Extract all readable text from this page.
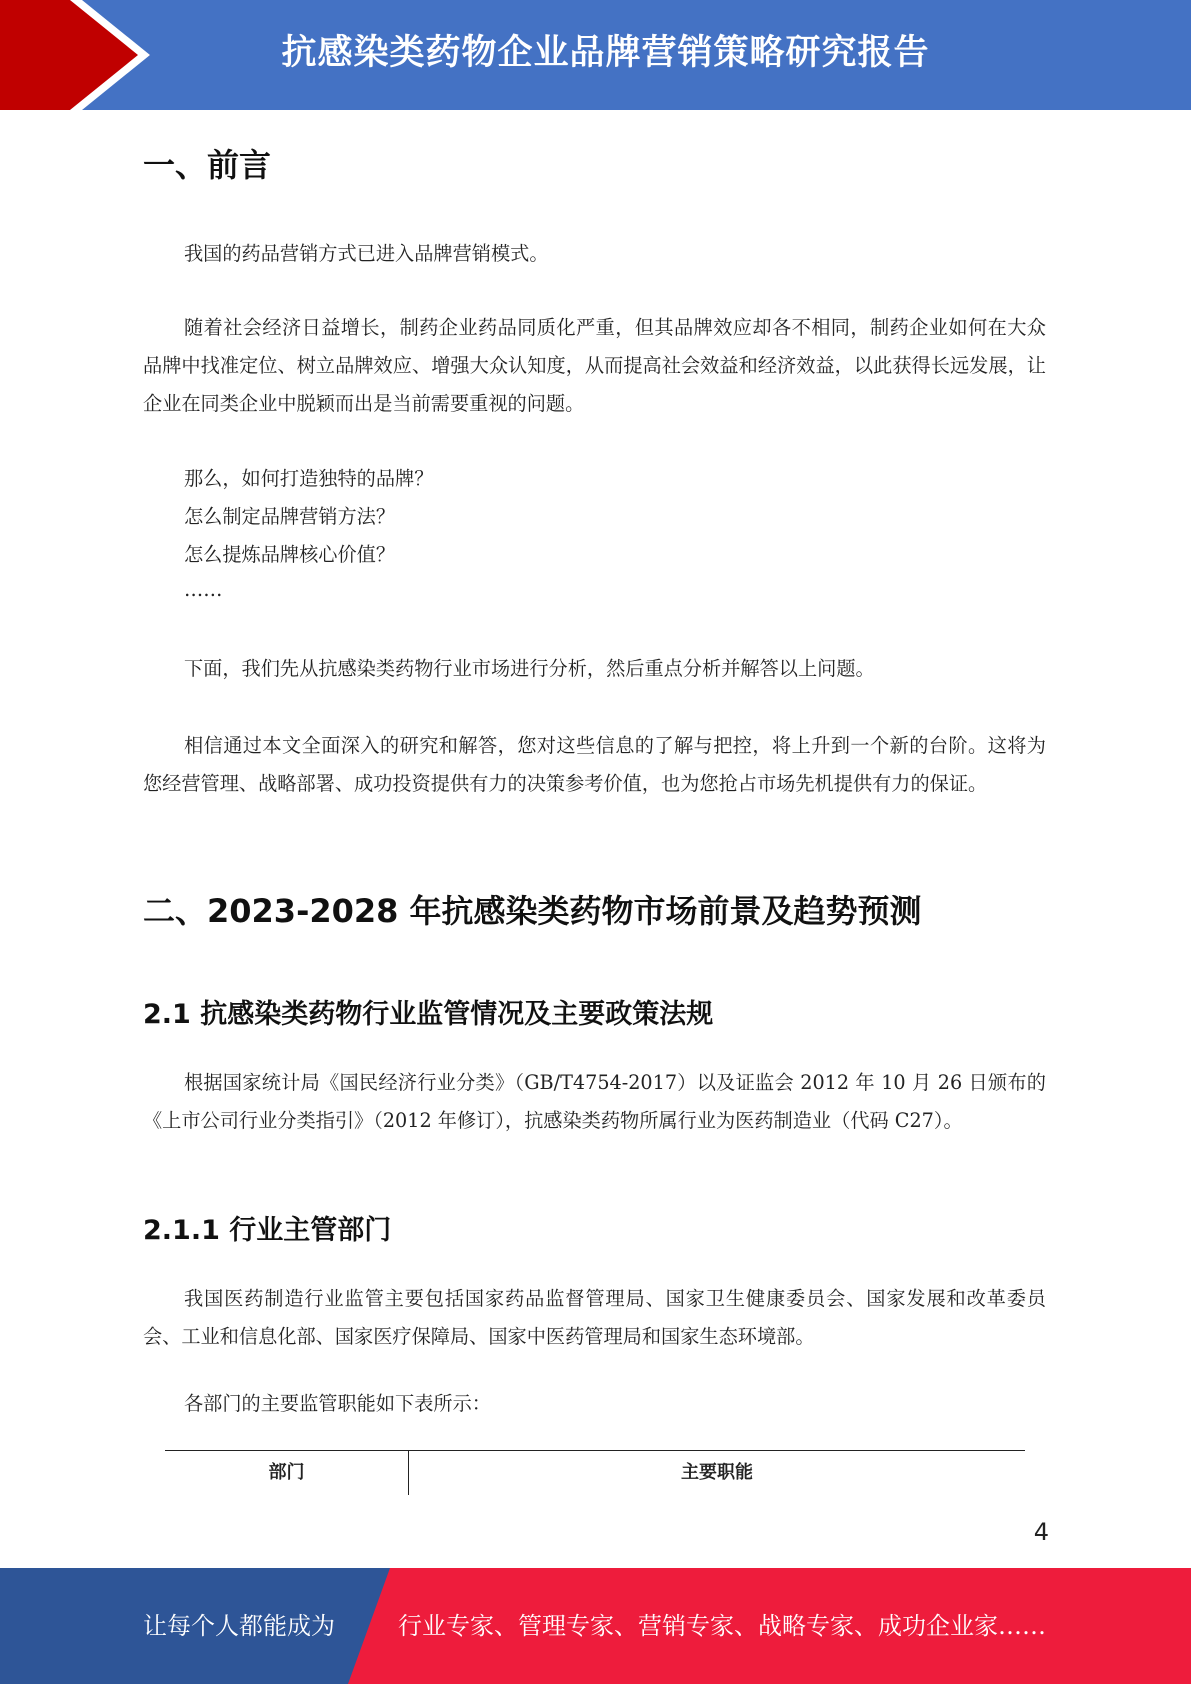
抗感染类药物企业品牌营销策略研究报告
一、前言
我国的药品营销方式已进入品牌营销模式。
随着社会经济日益增长，制药企业药品同质化严重，但其品牌效应却各不相同，制药企业如何在大众品牌中找准定位、树立品牌效应、增强大众认知度，从而提高社会效益和经济效益，以此获得长远发展，让企业在同类企业中脱颖而出是当前需要重视的问题。
那么，如何打造独特的品牌？
怎么制定品牌营销方法？
怎么提炼品牌核心价值？
……
下面，我们先从抗感染类药物行业市场进行分析，然后重点分析并解答以上问题。
相信通过本文全面深入的研究和解答，您对这些信息的了解与把控，将上升到一个新的台阶。这将为您经营管理、战略部署、成功投资提供有力的决策参考价值，也为您抢占市场先机提供有力的保证。
二、2023-2028 年抗感染类药物市场前景及趋势预测
2.1 抗感染类药物行业监管情况及主要政策法规
根据国家统计局《国民经济行业分类》（GB/T4754-2017）以及证监会 2012 年 10 月 26 日颁布的《上市公司行业分类指引》（2012 年修订），抗感染类药物所属行业为医药制造业（代码 C27）。
2.1.1 行业主管部门
我国医药制造行业监管主要包括国家药品监督管理局、国家卫生健康委员会、国家发展和改革委员会、工业和信息化部、国家医疗保障局、国家中医药管理局和国家生态环境部。
各部门的主要监管职能如下表所示：
部门	主要职能
4
让每个人都能成为	行业专家、管理专家、营销专家、战略专家、成功企业家……
